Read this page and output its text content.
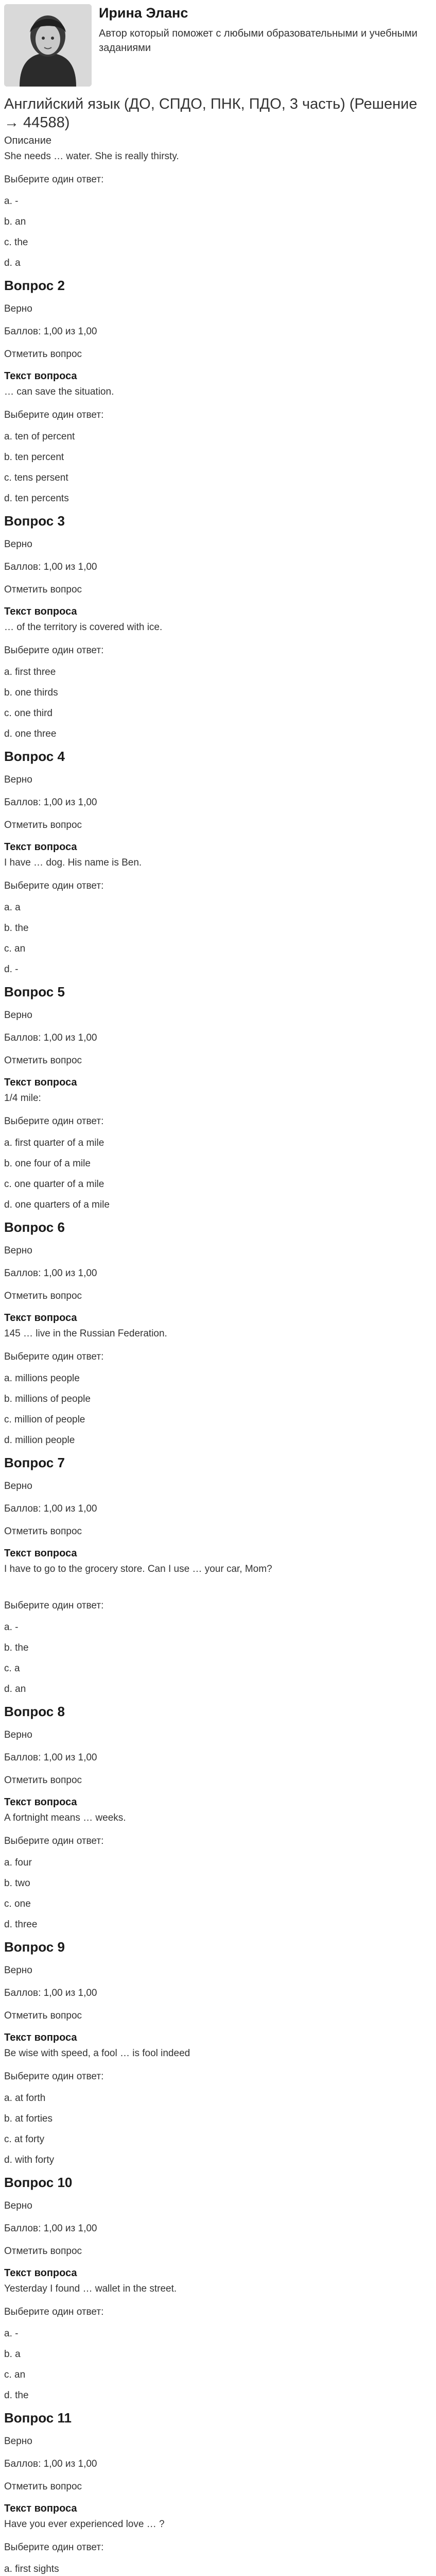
Ирина Эланс
Автор который поможет с любыми образовательными и учебными заданиями
Английский язык (ДО, СПДО, ПНК, ПДО, 3 часть) (Решение → 44588)
Описание
She needs … water. She is really thirsty.
Выберите один ответ:
a. -
b. an
c. the
d. a
Вопрос 2
Верно
Баллов: 1,00 из 1,00
Отметить вопрос
Текст вопроса
… can save the situation.
Выберите один ответ:
a. ten of percent
b. ten percent
c. tens persent
d. ten percents
Вопрос 3
Верно
Баллов: 1,00 из 1,00
Отметить вопрос
Текст вопроса
… of the territory is covered with ice.
Выберите один ответ:
a. first three
b. one thirds
c. one third
d. one three
Вопрос 4
Верно
Баллов: 1,00 из 1,00
Отметить вопрос
Текст вопроса
I have … dog. His name is Ben.
Выберите один ответ:
a. a
b. the
c. an
d. -
Вопрос 5
Верно
Баллов: 1,00 из 1,00
Отметить вопрос
Текст вопроса
1/4 mile:
Выберите один ответ:
a. first quarter of a mile
b. one four of a mile
c. one quarter of a mile
d. one quarters of a mile
Вопрос 6
Верно
Баллов: 1,00 из 1,00
Отметить вопрос
Текст вопроса
145 … live in the Russian Federation.
Выберите один ответ:
a. millions people
b. millions of people
c. million of people
d. million people
Вопрос 7
Верно
Баллов: 1,00 из 1,00
Отметить вопрос
Текст вопроса
I have to go to the grocery store. Can I use … your car, Mom?
Выберите один ответ:
a. -
b. the
c. a
d. an
Вопрос 8
Верно
Баллов: 1,00 из 1,00
Отметить вопрос
Текст вопроса
A fortnight means … weeks.
Выберите один ответ:
a. four
b. two
c. one
d. three
Вопрос 9
Верно
Баллов: 1,00 из 1,00
Отметить вопрос
Текст вопроса
Be wise with speed, a fool … is fool indeed
Выберите один ответ:
a. at forth
b. at forties
c. at forty
d. with forty
Вопрос 10
Верно
Баллов: 1,00 из 1,00
Отметить вопрос
Текст вопроса
Yesterday I found … wallet in the street.
Выберите один ответ:
a. -
b. a
c. an
d. the
Вопрос 11
Верно
Баллов: 1,00 из 1,00
Отметить вопрос
Текст вопроса
Have you ever experienced love … ?
Выберите один ответ:
a. first sights
